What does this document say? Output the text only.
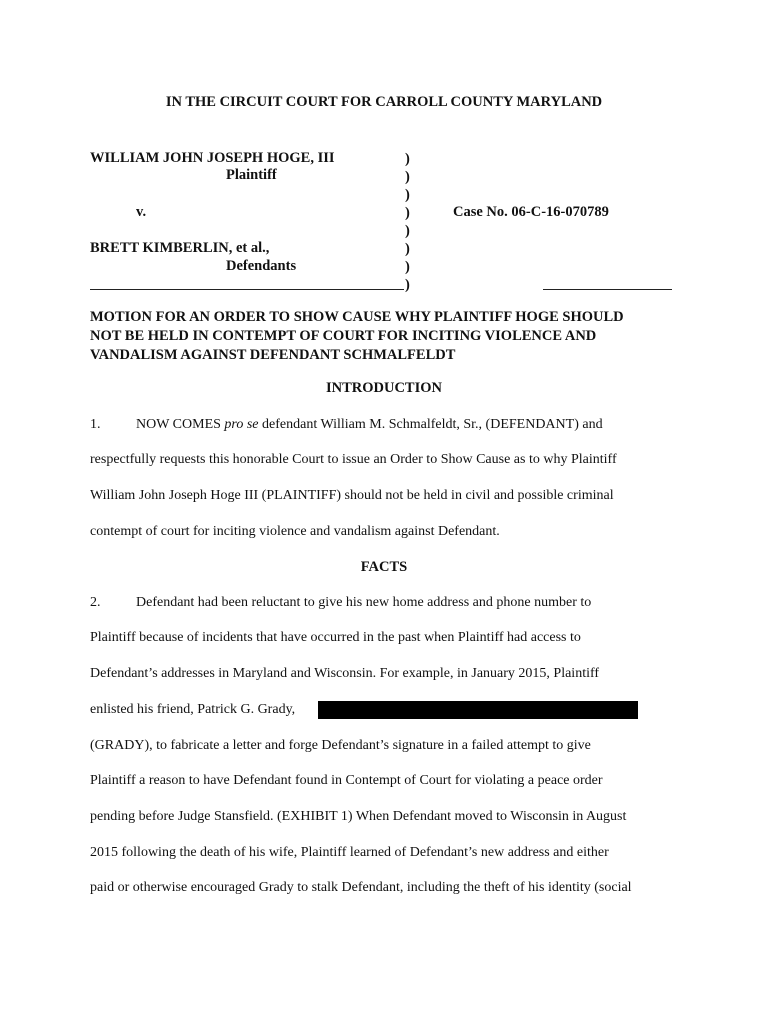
IN THE CIRCUIT COURT FOR CARROLL COUNTY MARYLAND
WILLIAM JOHN JOSEPH HOGE, III
Plaintiff
v.
BRETT KIMBERLIN, et al.,
Defendants
Case No. 06-C-16-070789
)
)
)
)
)
)
)
)
MOTION FOR AN ORDER TO SHOW CAUSE WHY PLAINTIFF HOGE SHOULD
NOT BE HELD IN CONTEMPT OF COURT FOR INCITING VIOLENCE AND
VANDALISM AGAINST DEFENDANT SCHMALFELDT
INTRODUCTION
1.	NOW COMES pro se defendant William M. Schmalfeldt, Sr., (DEFENDANT) and
respectfully requests this honorable Court to issue an Order to Show Cause as to why Plaintiff
William John Joseph Hoge III (PLAINTIFF) should not be held in civil and possible criminal
contempt of court for inciting violence and vandalism against Defendant.
FACTS
2.	Defendant had been reluctant to give his new home address and phone number to
Plaintiff because of incidents that have occurred in the past when Plaintiff had access to
Defendant’s addresses in Maryland and Wisconsin. For example, in January 2015, Plaintiff
enlisted his friend, Patrick G. Grady,
(GRADY), to fabricate a letter and forge Defendant’s signature in a failed attempt to give
Plaintiff a reason to have Defendant found in Contempt of Court for violating a peace order
pending before Judge Stansfield. (EXHIBIT 1) When Defendant moved to Wisconsin in August
2015 following the death of his wife, Plaintiff learned of Defendant’s new address and either
paid or otherwise encouraged Grady to stalk Defendant, including the theft of his identity (social
